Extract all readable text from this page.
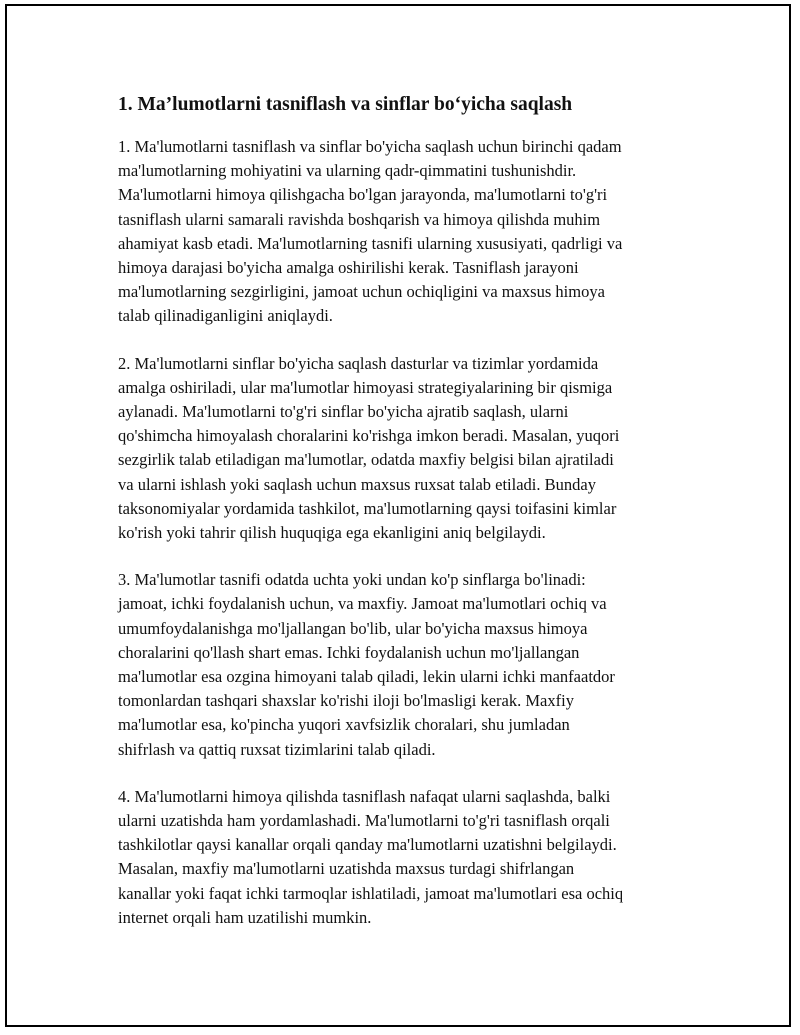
1. Ma’lumotlarni tasniflash va sinflar bo‘yicha saqlash

1. Ma'lumotlarni tasniflash va sinflar bo'yicha saqlash uchun birinchi qadam
ma'lumotlarning mohiyatini va ularning qadr-qimmatini tushunishdir.
Ma'lumotlarni himoya qilishgacha bo'lgan jarayonda, ma'lumotlarni to'g'ri
tasniflash ularni samarali ravishda boshqarish va himoya qilishda muhim
ahamiyat kasb etadi. Ma'lumotlarning tasnifi ularning xususiyati, qadrligi va
himoya darajasi bo'yicha amalga oshirilishi kerak. Tasniflash jarayoni
ma'lumotlarning sezgirligini, jamoat uchun ochiqligini va maxsus himoya
talab qilinadiganligini aniqlaydi.

2. Ma'lumotlarni sinflar bo'yicha saqlash dasturlar va tizimlar yordamida
amalga oshiriladi, ular ma'lumotlar himoyasi strategiyalarining bir qismiga
aylanadi. Ma'lumotlarni to'g'ri sinflar bo'yicha ajratib saqlash, ularni
qo'shimcha himoyalash choralarini ko'rishga imkon beradi. Masalan, yuqori
sezgirlik talab etiladigan ma'lumotlar, odatda maxfiy belgisi bilan ajratiladi
va ularni ishlash yoki saqlash uchun maxsus ruxsat talab etiladi. Bunday
taksonomiyalar yordamida tashkilot, ma'lumotlarning qaysi toifasini kimlar
ko'rish yoki tahrir qilish huquqiga ega ekanligini aniq belgilaydi.

3. Ma'lumotlar tasnifi odatda uchta yoki undan ko'p sinflarga bo'linadi:
jamoat, ichki foydalanish uchun, va maxfiy. Jamoat ma'lumotlari ochiq va
umumfoydalanishga mo'ljallangan bo'lib, ular bo'yicha maxsus himoya
choralarini qo'llash shart emas. Ichki foydalanish uchun mo'ljallangan
ma'lumotlar esa ozgina himoyani talab qiladi, lekin ularni ichki manfaatdor
tomonlardan tashqari shaxslar ko'rishi iloji bo'lmasligi kerak. Maxfiy
ma'lumotlar esa, ko'pincha yuqori xavfsizlik choralari, shu jumladan
shifrlash va qattiq ruxsat tizimlarini talab qiladi.

4. Ma'lumotlarni himoya qilishda tasniflash nafaqat ularni saqlashda, balki
ularni uzatishda ham yordamlashadi. Ma'lumotlarni to'g'ri tasniflash orqali
tashkilotlar qaysi kanallar orqali qanday ma'lumotlarni uzatishni belgilaydi.
Masalan, maxfiy ma'lumotlarni uzatishda maxsus turdagi shifrlangan
kanallar yoki faqat ichki tarmoqlar ishlatiladi, jamoat ma'lumotlari esa ochiq
internet orqali ham uzatilishi mumkin.
